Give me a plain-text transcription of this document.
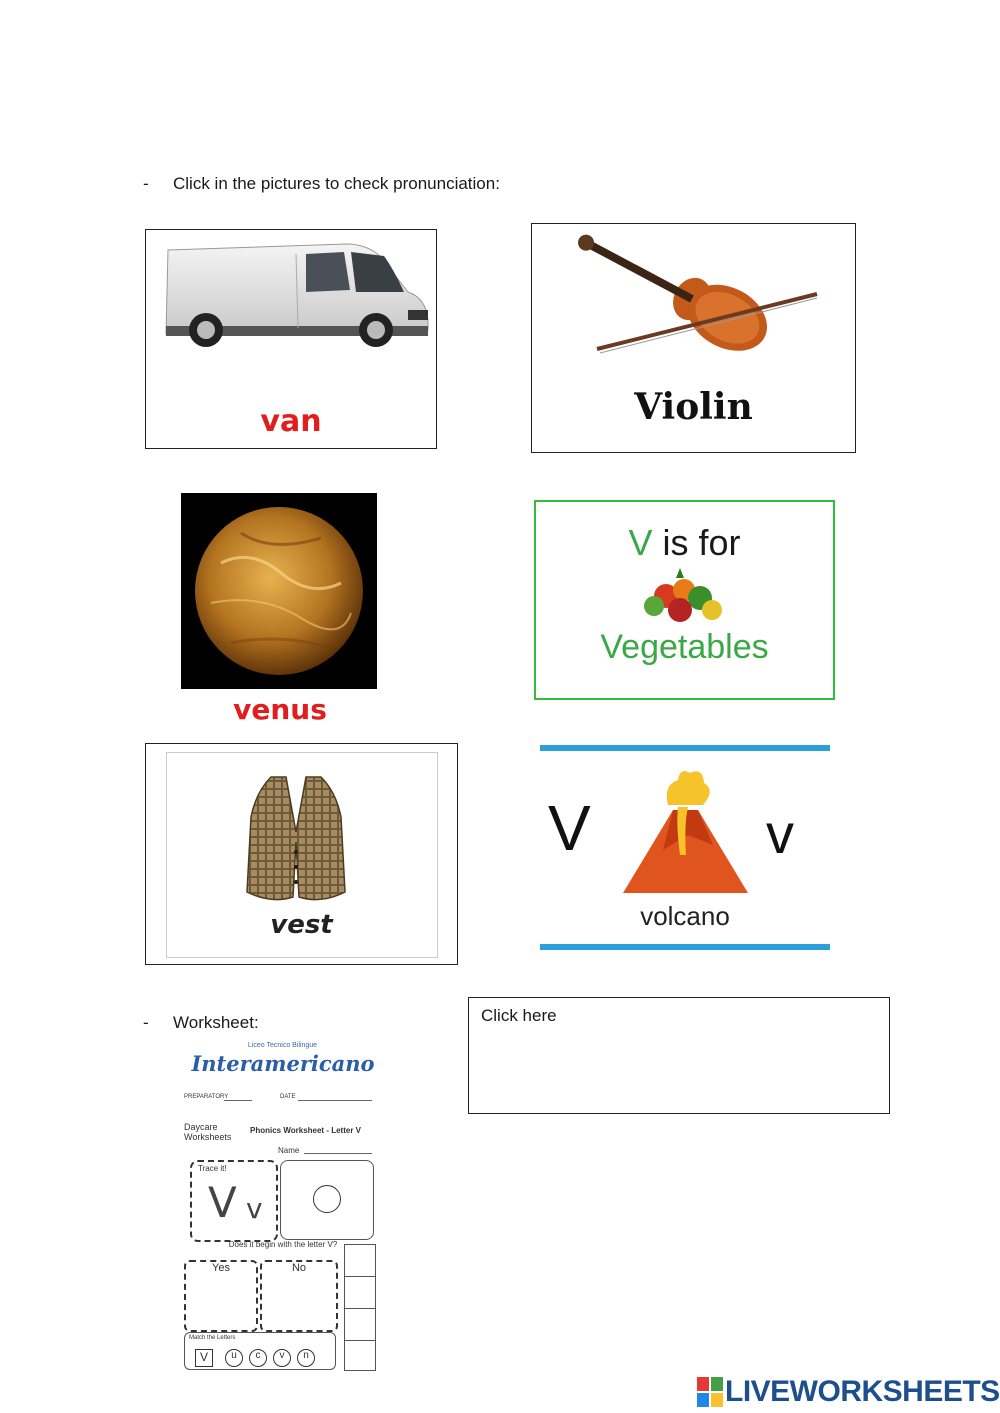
- Click in the pictures to check pronunciation:
van	Violin
venus
V is for
Vegetables
vest
V	v
volcano
- Worksheet:	Click here
Liceo Tecnico Bilingue
Interamericano
PREPARATORY	DATE
Daycare Worksheets
Phonics Worksheet - Letter V
Name
Trace it!
V v
Does it begin with the letter V?
Yes	No
Match the Letters
V	u	c	v	n
LIVEWORKSHEETS
